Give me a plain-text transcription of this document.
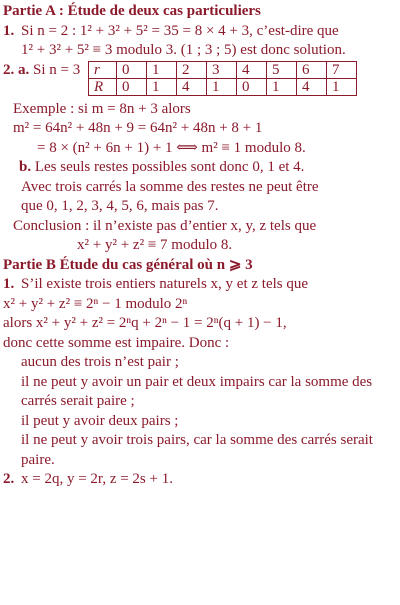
Partie A : Étude de deux cas particuliers
1. Si n = 2 : 1² + 3² + 5² = 35 = 8 × 4 + 3, c’est-dire que
1² + 3² + 5² ≡ 3 modulo 3. (1 ; 3 ; 5) est donc solution.
2. a. Si n = 3 r	0	1	2	3	4	5	6	7
R	0	1	4	1	0	1	4	1
Exemple : si m = 8n + 3 alors
m² = 64n² + 48n + 9 = 64n² + 48n + 8 + 1
= 8 × (n² + 6n + 1) + 1 ⟺ m² ≡ 1 modulo 8.
b. Les seuls restes possibles sont donc 0, 1 et 4.
Avec trois carrés la somme des restes ne peut être
que 0, 1, 2, 3, 4, 5, 6, mais pas 7.
Conclusion : il n’existe pas d’entier x, y, z tels que
x² + y² + z² ≡ 7 modulo 8.
Partie B Étude du cas général où n ⩾ 3
1. S’il existe trois entiers naturels x, y et z tels que
x² + y² + z² ≡ 2ⁿ − 1 modulo 2ⁿ
alors x² + y² + z² = 2ⁿq + 2ⁿ − 1 = 2ⁿ(q + 1) − 1,
donc cette somme est impaire. Donc :
aucun des trois n’est pair ;
il ne peut y avoir un pair et deux impairs car la somme des carrés serait paire ;
il peut y avoir deux pairs ;
il ne peut y avoir trois pairs, car la somme des carrés serait paire.
2. x = 2q, y = 2r, z = 2s + 1.
